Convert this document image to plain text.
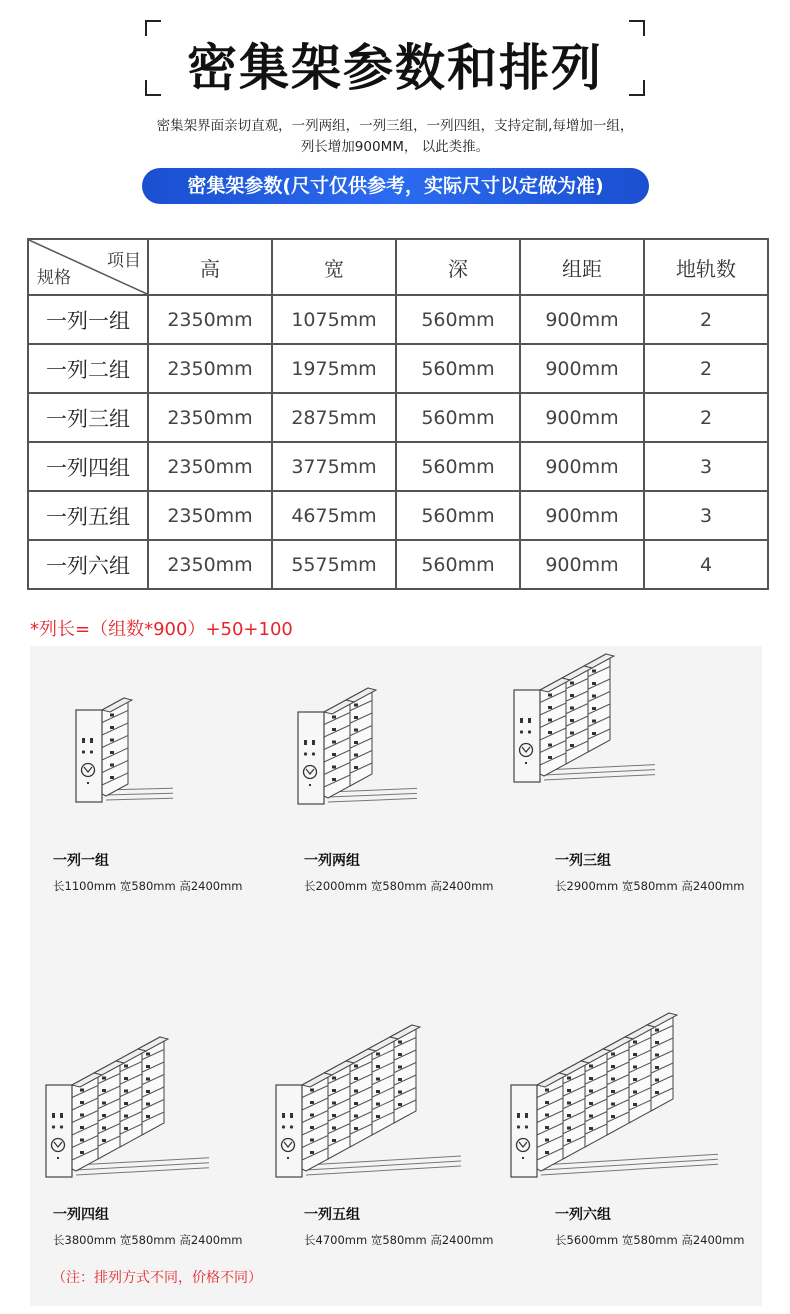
密集架参数和排列
密集架界面亲切直观，一列两组，一列三组，一列四组，支持定制,每增加一组，
列长增加900MM， 以此类推。
密集架参数(尺寸仅供参考，实际尺寸以定做为准)
项目
规格	高	宽	深	组距	地轨数
一列一组	2350mm	1075mm	560mm	900mm	2
一列二组	2350mm	1975mm	560mm	900mm	2
一列三组	2350mm	2875mm	560mm	900mm	2
一列四组	2350mm	3775mm	560mm	900mm	3
一列五组	2350mm	4675mm	560mm	900mm	3
一列六组	2350mm	5575mm	560mm	900mm	4
*列长=（组数*900）+50+100
一列一组
长1100mm 宽580mm 高2400mm
一列两组
长2000mm 宽580mm 高2400mm
一列三组
长2900mm 宽580mm 高2400mm
一列四组
长3800mm 宽580mm 高2400mm
一列五组
长4700mm 宽580mm 高2400mm
一列六组
长5600mm 宽580mm 高2400mm
（注：排列方式不同，价格不同）
